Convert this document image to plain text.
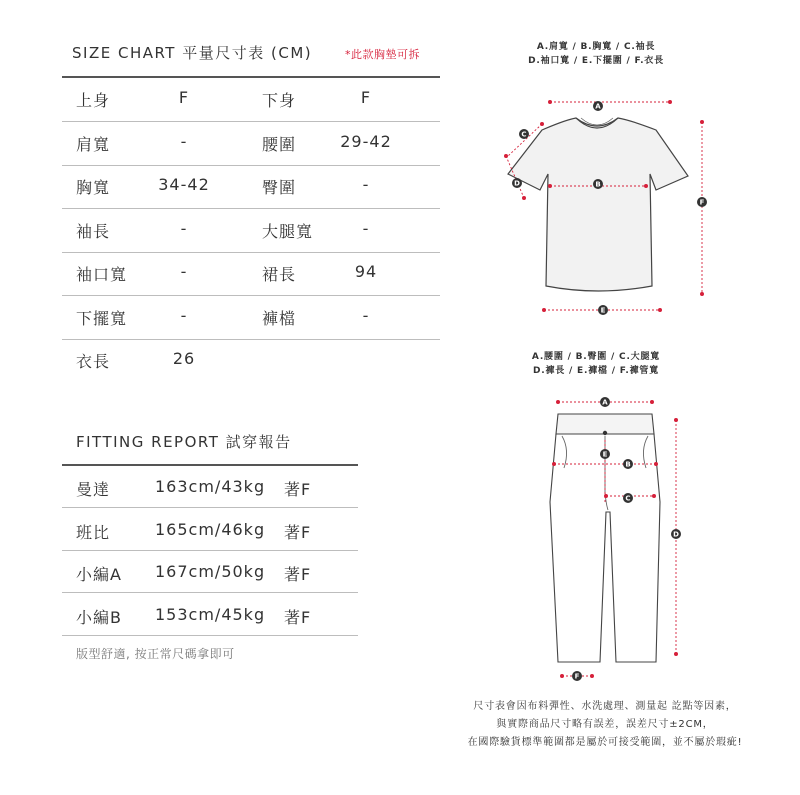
SIZE CHART 平量尺寸表 (CM)	*此款胸墊可拆
上身	F	下身	F
肩寬	-	腰圍	29-42
胸寬	34-42	臀圍	-
袖長	-	大腿寬	-
袖口寬	-	裙長	94
下擺寬	-	褲檔	-
衣長	26
FITTING REPORT 試穿報告
曼達	163cm/43kg 著F
班比	165cm/46kg 著F
小編A 167cm/50kg 著F
小編B 153cm/45kg 著F
版型舒適, 按正常尺碼拿即可
A.肩寬 / B.胸寬 / C.袖長
D.袖口寬 / E.下擺圍 / F.衣長
A
B
C
D
E
F
A.腰圍 / B.臀圍 / C.大腿寬
D.褲長 / E.褲檔 / F.褲管寬
A
E
B
C
D
F
尺寸表會因布料彈性、水洗處理、測量起 訖點等因素，
與實際商品尺寸略有誤差，誤差尺寸±2CM，
在國際驗貨標準範圍都是屬於可接受範圍，並不屬於瑕疵!
